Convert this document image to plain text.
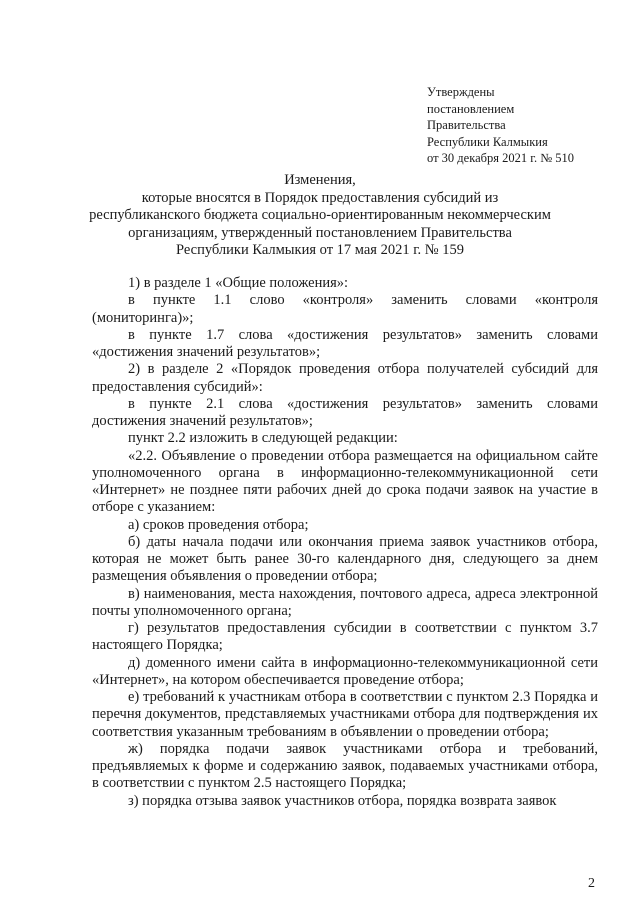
Утверждены
постановлением
Правительства
Республики Калмыкия
от 30 декабря 2021 г. № 510
Изменения,
которые вносятся в Порядок предоставления субсидий из
республиканского бюджета социально-ориентированным некоммерческим
организациям, утвержденный постановлением Правительства
Республики Калмыкия от 17 мая 2021 г. № 159

1) в разделе 1 «Общие положения»:

в пункте 1.1 слово «контроля» заменить словами «контроля (мониторинга)»;

в пункте 1.7 слова «достижения результатов» заменить словами «достижения значений результатов»;

2) в разделе 2 «Порядок проведения отбора получателей субсидий для предоставления субсидий»:

в пункте 2.1 слова «достижения результатов» заменить словами достижения значений результатов»;

пункт 2.2 изложить в следующей редакции:

«2.2. Объявление о проведении отбора размещается на официальном сайте уполномоченного органа в информационно-телекоммуникационной сети «Интернет» не позднее пяти рабочих дней до срока подачи заявок на участие в отборе с указанием:

а) сроков проведения отбора;

б) даты начала подачи или окончания приема заявок участников отбора, которая не может быть ранее 30-го календарного дня, следующего за днем размещения объявления о проведении отбора;

в) наименования, места нахождения, почтового адреса, адреса электронной почты уполномоченного органа;

г) результатов предоставления субсидии в соответствии с пунктом 3.7 настоящего Порядка;

д) доменного имени сайта в информационно-телекоммуникационной сети «Интернет», на котором обеспечивается проведение отбора;

е) требований к участникам отбора в соответствии с пунктом 2.3 Порядка и перечня документов, представляемых участниками отбора для подтверждения их соответствия указанным требованиям в объявлении о проведении отбора;

ж) порядка подачи заявок участниками отбора и требований, предъявляемых к форме и содержанию заявок, подаваемых участниками отбора, в соответствии с пунктом 2.5 настоящего Порядка;

з) порядка отзыва заявок участников отбора, порядка возврата заявок

2
